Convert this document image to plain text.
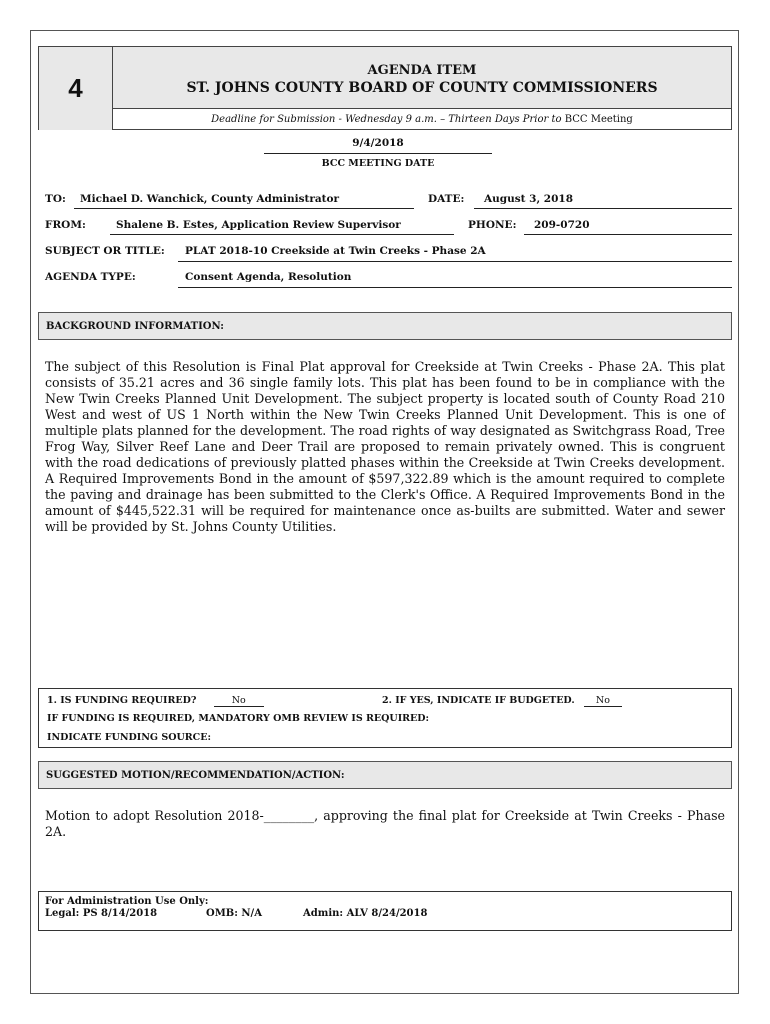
4
AGENDA ITEM
ST. JOHNS COUNTY BOARD OF COUNTY COMMISSIONERS
Deadline for Submission - Wednesday 9 a.m. – Thirteen Days Prior to
BCC Meeting
9/4/2018
BCC MEETING DATE
TO: Michael D. Wanchick, County Administrator	DATE: August 3, 2018
FROM:	Shalene B. Estes, Application Review Supervisor	PHONE: 209-0720
SUBJECT OR TITLE: PLAT 2018-10 Creekside at Twin Creeks - Phase 2A
AGENDA TYPE:	Consent Agenda, Resolution
BACKGROUND INFORMATION:
The subject of this Resolution is Final Plat approval for Creekside at Twin Creeks - Phase 2A. This plat consists of 35.21 acres and 36 single family lots. This plat has been found to be in compliance with the New Twin Creeks Planned Unit Development. The subject property is located south of County Road 210 West and west of US 1 North within the New Twin Creeks Planned Unit Development. This is one of multiple plats planned for the development. The road rights of way designated as Switchgrass Road, Tree Frog Way, Silver Reef Lane and Deer Trail are proposed to remain privately owned. This is congruent with the road dedications of previously platted phases within the Creekside at Twin Creeks development. A Required Improvements Bond in the amount of $597,322.89 which is the amount required to complete the paving and drainage has been submitted to the Clerk's Office. A Required Improvements Bond in the amount of $445,522.31 will be required for maintenance once as-builts are submitted. Water and sewer will be provided by St. Johns County Utilities.
1. IS FUNDING REQUIRED?	No	2. IF YES, INDICATE IF BUDGETED. No
IF FUNDING IS REQUIRED, MANDATORY OMB REVIEW IS REQUIRED:
INDICATE FUNDING SOURCE:
SUGGESTED MOTION/RECOMMENDATION/ACTION:
Motion to adopt Resolution 2018-________, approving the final plat for Creekside at Twin Creeks - Phase 2A.
For Administration Use Only:
Legal: PS 8/14/2018	OMB: N/A	Admin: ALV 8/24/2018
